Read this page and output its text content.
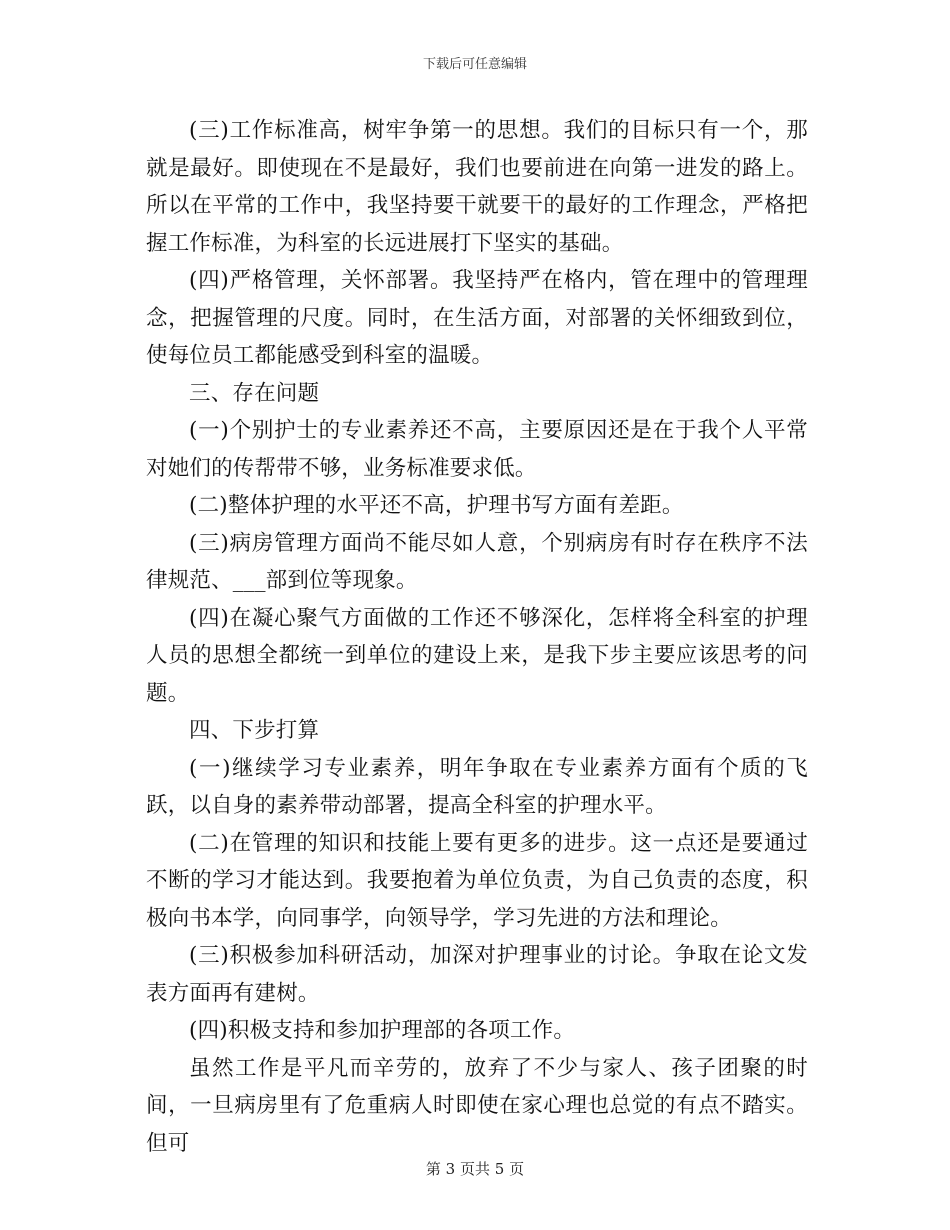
下载后可任意编辑

(三)工作标准高，树牢争第一的思想。我们的目标只有一个，那就是最好。即使现在不是最好，我们也要前进在向第一进发的路上。所以在平常的工作中，我坚持要干就要干的最好的工作理念，严格把握工作标准，为科室的长远进展打下坚实的基础。

(四)严格管理，关怀部署。我坚持严在格内，管在理中的管理理念，把握管理的尺度。同时，在生活方面，对部署的关怀细致到位，使每位员工都能感受到科室的温暖。

三、存在问题

(一)个别护士的专业素养还不高，主要原因还是在于我个人平常对她们的传帮带不够，业务标准要求低。

(二)整体护理的水平还不高，护理书写方面有差距。

(三)病房管理方面尚不能尽如人意，个别病房有时存在秩序不法律规范、___部到位等现象。

(四)在凝心聚气方面做的工作还不够深化，怎样将全科室的护理人员的思想全都统一到单位的建设上来，是我下步主要应该思考的问题。

四、下步打算

(一)继续学习专业素养，明年争取在专业素养方面有个质的飞跃，以自身的素养带动部署，提高全科室的护理水平。

(二)在管理的知识和技能上要有更多的进步。这一点还是要通过不断的学习才能达到。我要抱着为单位负责，为自己负责的态度，积极向书本学，向同事学，向领导学，学习先进的方法和理论。

(三)积极参加科研活动，加深对护理事业的讨论。争取在论文发表方面再有建树。

(四)积极支持和参加护理部的各项工作。

虽然工作是平凡而辛劳的，放弃了不少与家人、孩子团聚的时间，一旦病房里有了危重病人时即使在家心理也总觉的有点不踏实。但可

第 3 页共 5 页
